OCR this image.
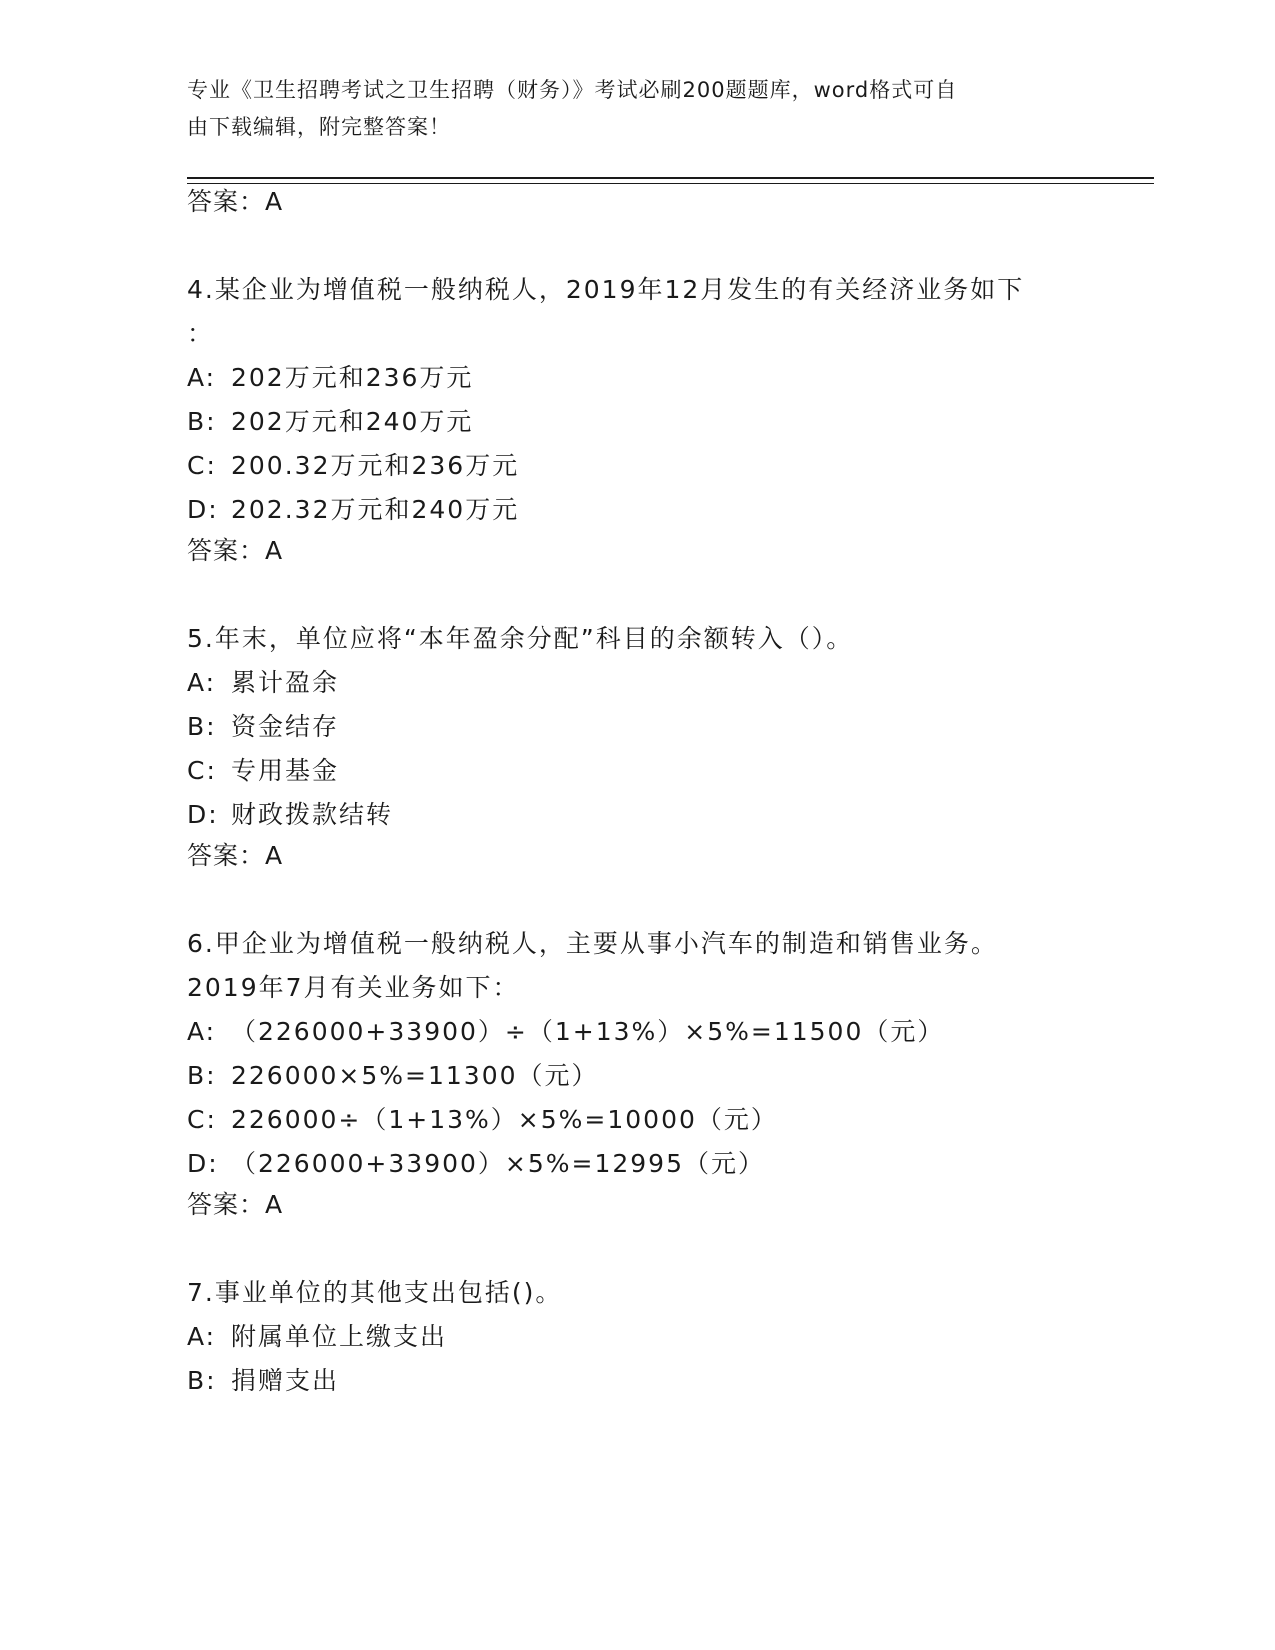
专业《卫生招聘考试之卫生招聘（财务）》考试必刷200题题库，word格式可自
由下载编辑，附完整答案！
答案：A
4.某企业为增值税一般纳税人，2019年12月发生的有关经济业务如下
：
A: 202万元和236万元
B: 202万元和240万元
C: 200.32万元和236万元
D: 202.32万元和240万元
答案：A
5.年末，单位应将“本年盈余分配”科目的余额转入（）。
A: 累计盈余
B: 资金结存
C: 专用基金
D: 财政拨款结转
答案：A
6.甲企业为增值税一般纳税人，主要从事小汽车的制造和销售业务。
2019年7月有关业务如下：
A: （226000+33900）÷（1+13%）×5%=11500（元）
B: 226000×5%=11300（元）
C: 226000÷（1+13%）×5%=10000（元）
D: （226000+33900）×5%=12995（元）
答案：A
7.事业单位的其他支出包括()。
A: 附属单位上缴支出
B: 捐赠支出
